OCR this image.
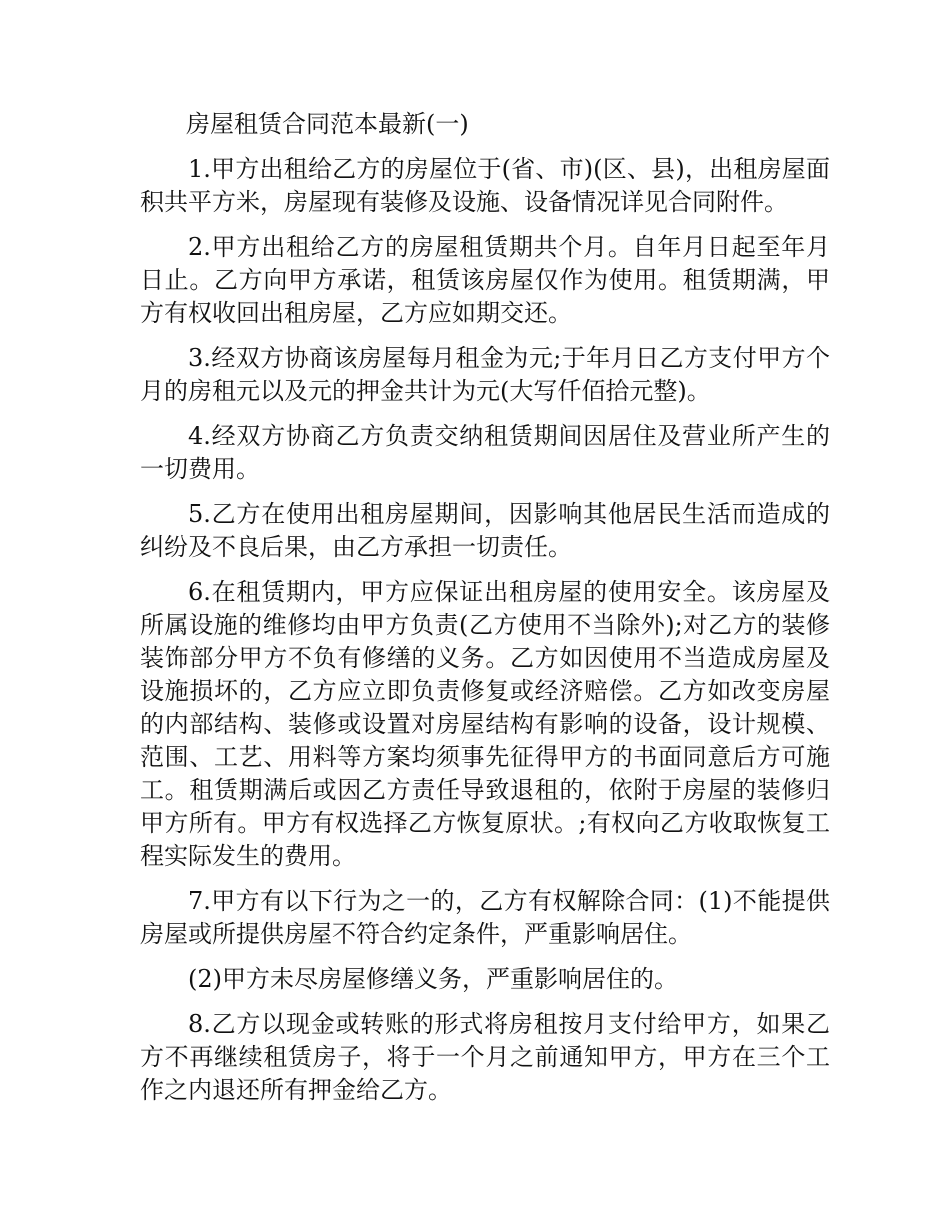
房屋租赁合同范本最新(一)

1.甲方出租给乙方的房屋位于(省、市)(区、县)，出租房屋面积共平方米，房屋现有装修及设施、设备情况详见合同附件。

2.甲方出租给乙方的房屋租赁期共个月。自年月日起至年月日止。乙方向甲方承诺，租赁该房屋仅作为使用。租赁期满，甲方有权收回出租房屋，乙方应如期交还。

3.经双方协商该房屋每月租金为元;于年月日乙方支付甲方个月的房租元以及元的押金共计为元(大写仟佰拾元整)。

4.经双方协商乙方负责交纳租赁期间因居住及营业所产生的一切费用。

5.乙方在使用出租房屋期间，因影响其他居民生活而造成的纠纷及不良后果，由乙方承担一切责任。

6.在租赁期内，甲方应保证出租房屋的使用安全。该房屋及所属设施的维修均由甲方负责(乙方使用不当除外);对乙方的装修装饰部分甲方不负有修缮的义务。乙方如因使用不当造成房屋及设施损坏的，乙方应立即负责修复或经济赔偿。乙方如改变房屋的内部结构、装修或设置对房屋结构有影响的设备，设计规模、范围、工艺、用料等方案均须事先征得甲方的书面同意后方可施工。租赁期满后或因乙方责任导致退租的，依附于房屋的装修归甲方所有。甲方有权选择乙方恢复原状。;有权向乙方收取恢复工程实际发生的费用。

7.甲方有以下行为之一的，乙方有权解除合同：(1)不能提供房屋或所提供房屋不符合约定条件，严重影响居住。

(2)甲方未尽房屋修缮义务，严重影响居住的。

8.乙方以现金或转账的形式将房租按月支付给甲方，如果乙方不再继续租赁房子，将于一个月之前通知甲方，甲方在三个工作之内退还所有押金给乙方。
